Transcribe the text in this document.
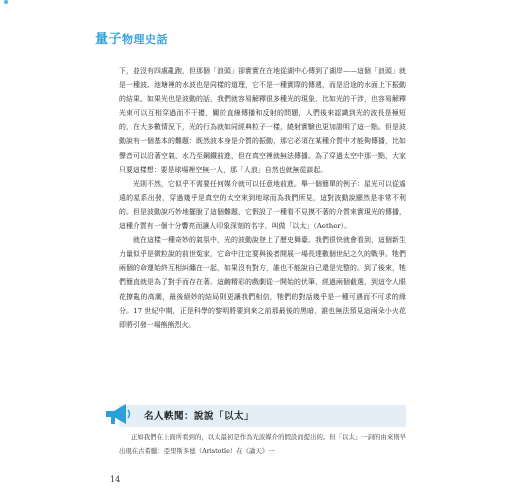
量子物理史話

下，並沒有四處亂跑，但那個「浪頭」卻實實在在地從湖中心傳到了湖岸——這個「浪頭」就是一種波。池塘裡的水波也是同樣的道理，它不是一種實際的傳遞，而是沿途的水面上下振動的結果。如果光也是波動的話，我們就容易解釋很多種光的現象，比如光的干涉，也容易解釋光束可以互相穿過而不干擾，關於直線傳播和反射的問題，人們後來認識到光的波長是極短的，在大多數情況下，光的行為就如同經典粒子一樣，繞射實驗也更加證明了這一點。但是波動說有一個基本的難題：既然波本身是介質的振動，那它必須在某種介質中才能夠傳播，比如聲音可以沿著空氣、水乃至鋼鐵前進，但在真空裡就無法傳播。為了穿過太空中那一點，大家只要這樣想：要是球場裡空無一人，那「人浪」自然也就無從談起。

光則不然，它似乎不需要任何媒介就可以任意地前進。舉一個簡單的例子：星光可以從遙遠的星系出發，穿過幾乎是真空的太空來到地球而為我們所見，這對波動說顯然是非常不利的。但是波動說巧妙地擺脫了這個難題，它假設了一種看不見摸不著的介質來實現光的傳播，這種介質有一個十分響亮而讓人印象深刻的名字，叫做「以太」（Aether）。

就在這樣一種奇妙的氣氛中，光的波動說登上了歷史舞臺。我們很快就會看到，這個新生力量似乎是微粒說的前世冤家，它命中注定要與後者開展一場長達數個世紀之久的戰爭。牠們兩個的命運始終互相糾纏在一起，如果沒有對方，誰也不能說自己還是完整的。到了後來，牠們簡直就是為了對手而存在著。這齣精彩的戲劇從一開始的伏筆，經過兩個截選，到這令人眼花撩亂的高潮，最後絕妙的結局則更讓我們相信，牠們的對話幾乎是一種可遇而不可求的緣分。17 世紀中期，正是科學的黎明將要到來之前那最後的黑暗，誰也無法預見這兩朵小火花即將引發一場熊熊烈火。

名人軼聞：說說「以太」

正如我們在上面所看到的，以太最初是作為光波媒介的假設而提出的。但「以太」一詞的由來則早出現在古希臘：亞里斯多德（Aristotle）在《論天》一

14
